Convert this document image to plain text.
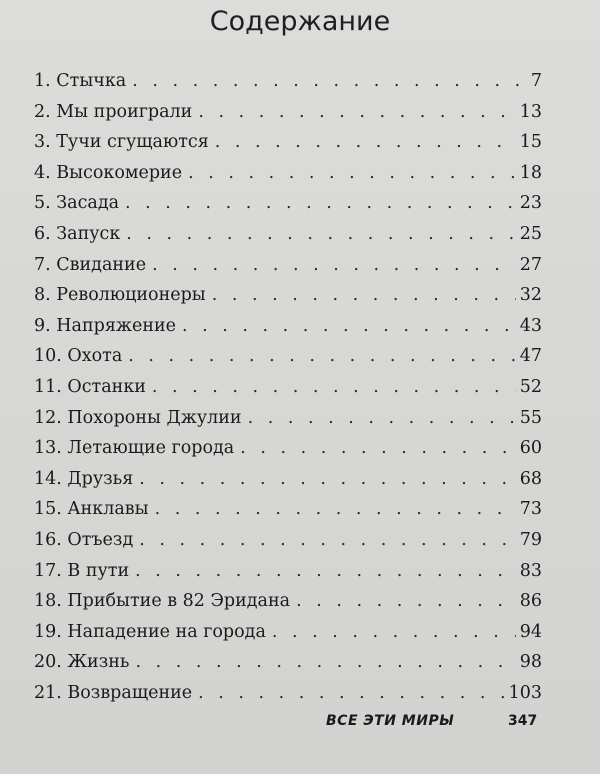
Содержание
1. Стычка . . .	7
2. Мы проиграли . . .	13
3. Тучи сгущаются . . .	15
4. Высокомерие . . .	18
5. Засада . . .	23
6. Запуск . . .	25
7. Свидание . . .	27
8. Революционеры . . .	32
9. Напряжение . . .	43
10. Охота . . .	47
11. Останки . . .	52
12. Похороны Джулии . . .	55
13. Летающие города . . .	60
14. Друзья . . .	68
15. Анклавы . . .	73
16. Отъезд . . .	79
17. В пути . . .	83
18. Прибытие в 82 Эридана . . .	86
19. Нападение на города . . .	94
20. Жизнь . . .	98
21. Возвращение . . .	103
ВСЕ ЭТИ МИРЫ	347
